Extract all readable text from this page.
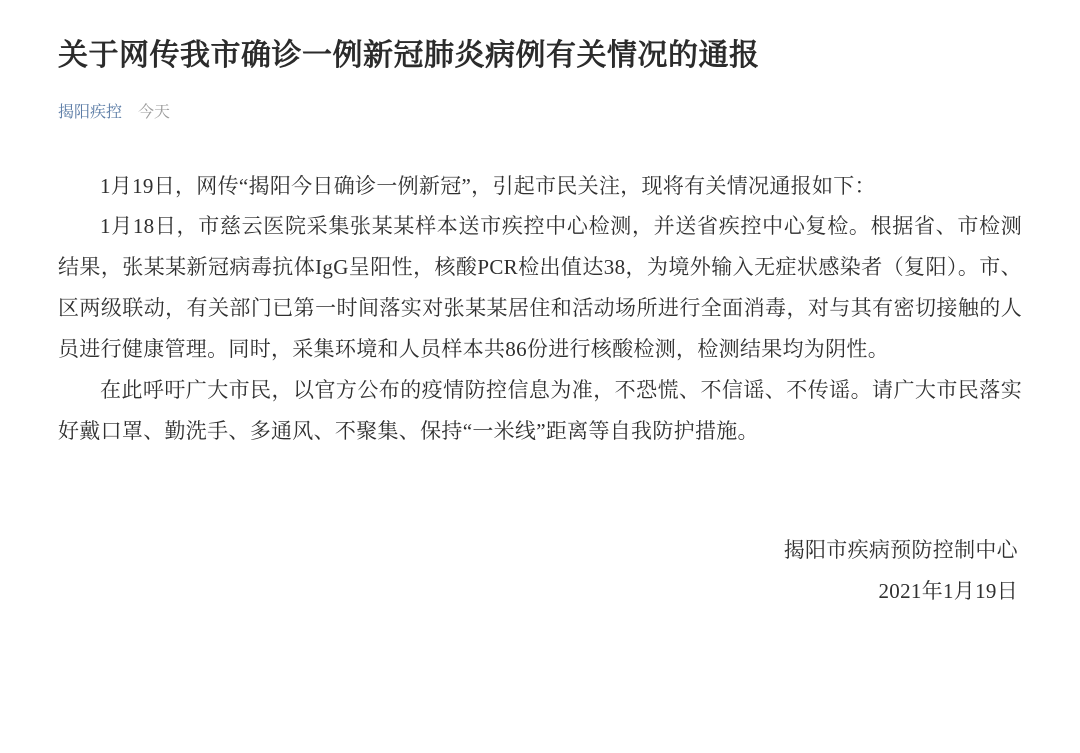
关于网传我市确诊一例新冠肺炎病例有关情况的通报
揭阳疾控 今天

1月19日，网传“揭阳今日确诊一例新冠”，引起市民关注，现将有关情况通报如下：

1月18日，市慈云医院采集张某某样本送市疾控中心检测，并送省疾控中心复检。根据省、市检测结果，张某某新冠病毒抗体IgG呈阳性，核酸PCR检出值达38，为境外输入无症状感染者（复阳）。市、区两级联动，有关部门已第一时间落实对张某某居住和活动场所进行全面消毒，对与其有密切接触的人员进行健康管理。同时，采集环境和人员样本共86份进行核酸检测，检测结果均为阴性。

在此呼吁广大市民，以官方公布的疫情防控信息为准，不恐慌、不信谣、不传谣。请广大市民落实好戴口罩、勤洗手、多通风、不聚集、保持“一米线”距离等自我防护措施。

揭阳市疾病预防控制中心
2021年1月19日
